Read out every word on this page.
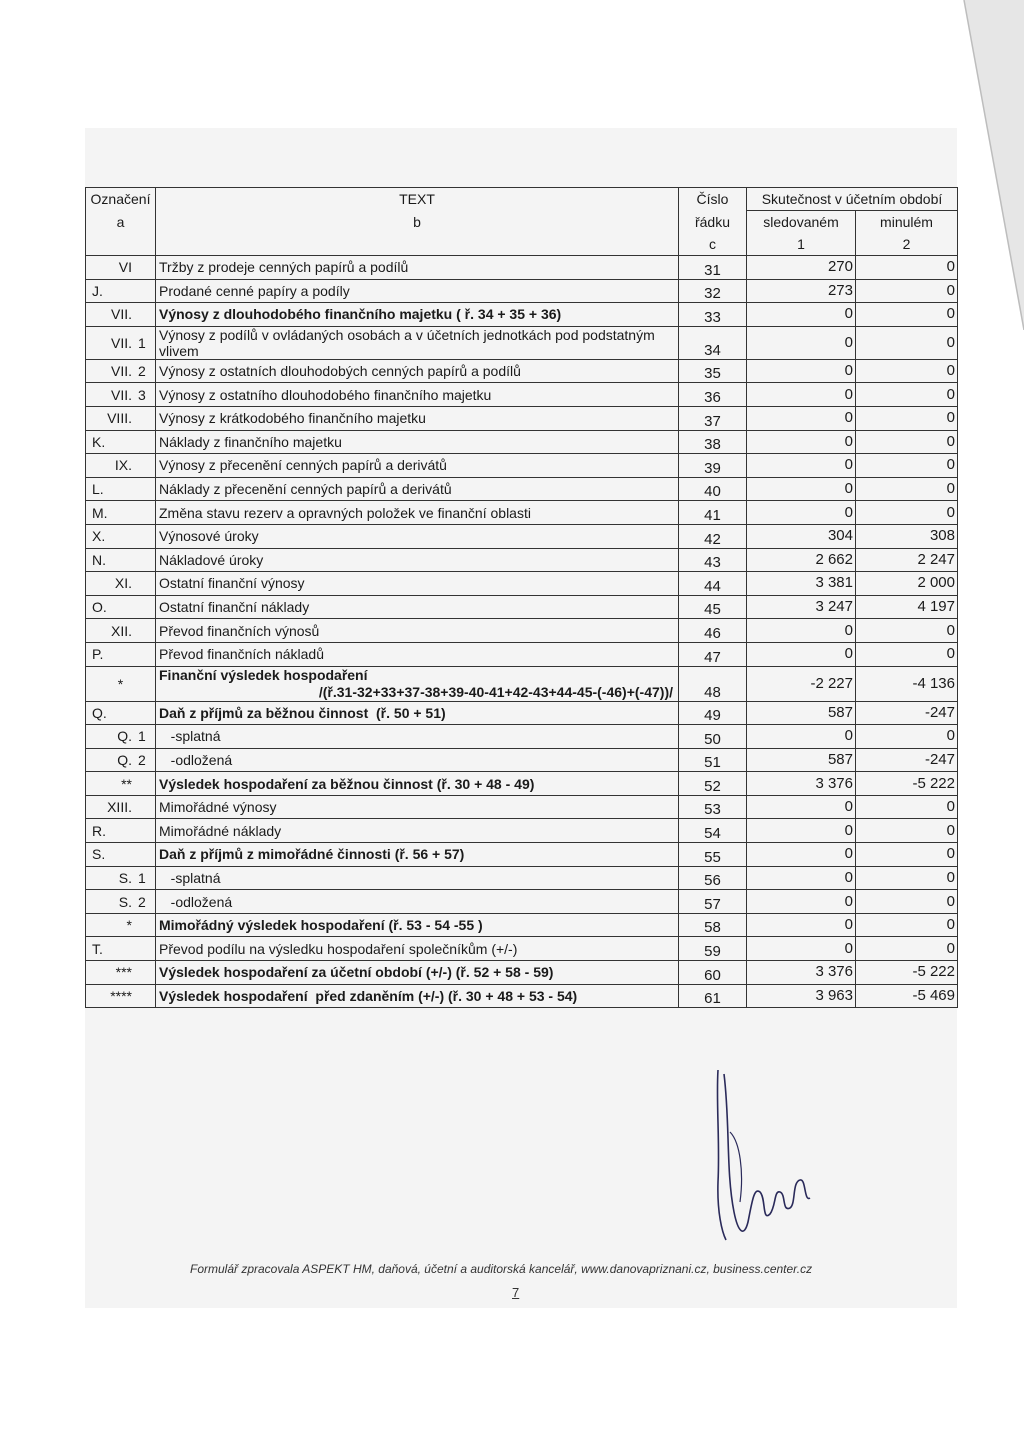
Označení	TEXT	Číslo	Skutečnost v účetním období	
a	b	řádku	sledovaném	minulém
		c	1	2
VI	Tržby z prodeje cenných papírů a podílů	31	270	0
J.	Prodané cenné papíry a podíly	32	273	0
VII.	Výnosy z dlouhodobého finančního majetku ( ř. 34 + 35 + 36)	33	0	0
VII. 1	Výnosy z podílů v ovládaných osobách a v účetních jednotkách pod podstatným vlivem	34	0	0
VII. 2	Výnosy z ostatních dlouhodobých cenných papírů a podílů	35	0	0
VII. 3	Výnosy z ostatního dlouhodobého finančního majetku	36	0	0
VIII.	Výnosy z krátkodobého finančního majetku	37	0	0
K.	Náklady z finančního majetku	38	0	0
IX.	Výnosy z přecenění cenných papírů a derivátů	39	0	0
L.	Náklady z přecenění cenných papírů a derivátů	40	0	0
M.	Změna stavu rezerv a opravných položek ve finanční oblasti	41	0	0
X.	Výnosové úroky	42	304	308
N.	Nákladové úroky	43	2 662	2 247
XI.	Ostatní finanční výnosy	44	3 381	2 000
O.	Ostatní finanční náklady	45	3 247	4 197
XII.	Převod finančních výnosů	46	0	0
P.	Převod finančních nákladů	47	0	0
*	Finanční výsledek hospodaření
/(ř.31-32+33+37-38+39-40-41+42-43+44-45-(-46)+(-47))/	48	-2 227	-4 136
Q.	Daň z příjmů za běžnou činnost  (ř. 50 + 51)	49	587	-247
Q. 1	-splatná	50	0	0
Q. 2	-odložená	51	587	-247
**	Výsledek hospodaření za běžnou činnost (ř. 30 + 48 - 49)	52	3 376	-5 222
XIII.	Mimořádné výnosy	53	0	0
R.	Mimořádné náklady	54	0	0
S.	Daň z příjmů z mimořádné činnosti (ř. 56 + 57)	55	0	0
S. 1	-splatná	56	0	0
S. 2	-odložená	57	0	0
*	Mimořádný výsledek hospodaření (ř. 53 - 54 -55 )	58	0	0
T.	Převod podílu na výsledku hospodaření společníkům (+/-)	59	0	0
***	Výsledek hospodaření za účetní období (+/-) (ř. 52 + 58 - 59)	60	3 376	-5 222
****	Výsledek hospodaření  před zdaněním (+/-) (ř. 30 + 48 + 53 - 54)	61	3 963	-5 469
Formulář zpracovala ASPEKT HM, daňová, účetní a auditorská kancelář, www.danovapriznani.cz, business.center.cz
7
